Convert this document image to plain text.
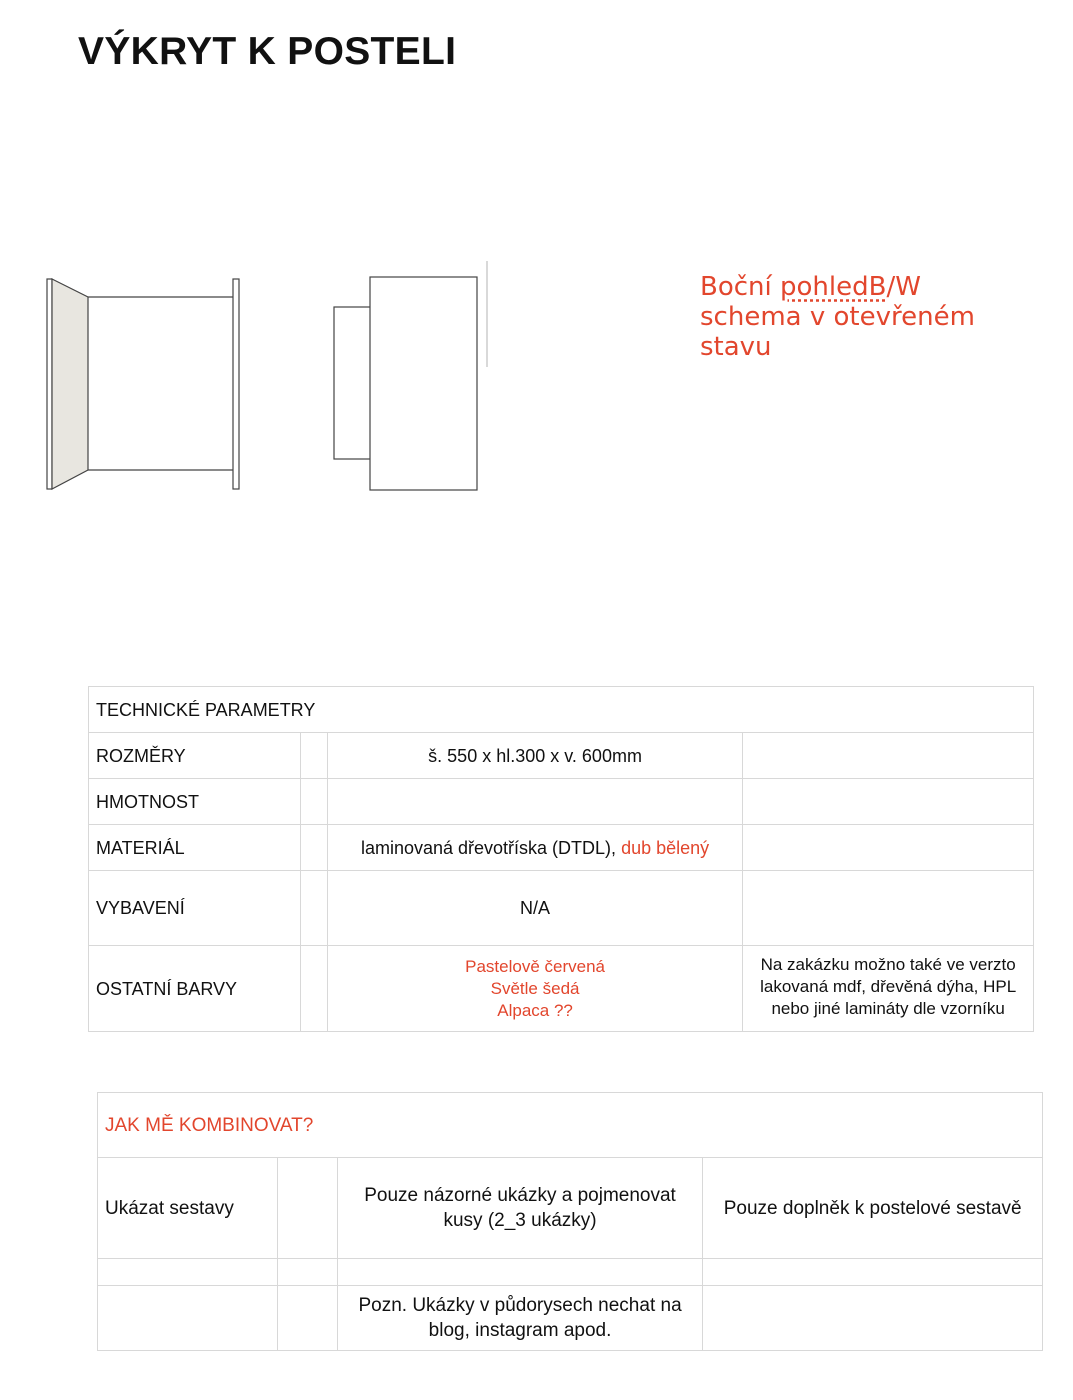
VÝKRYT K POSTELI
Boční pohledB/W schema v otevřeném stavu
TECHNICKÉ PARAMETRY			
ROZMĚRY		š. 550 x hl.300 x v. 600mm	
HMOTNOST			
MATERIÁL		laminovaná dřevotříska (DTDL), dub bělený	
VYBAVENÍ		N/A	
OSTATNÍ BARVY		Pastelově červená
Světle šedá
Alpaca ??	Na zakázku možno také ve verzto lakovaná mdf, dřevěná dýha, HPL nebo jiné lamináty dle vzorníku
JAK MĚ KOMBINOVAT?			
Ukázat sestavy		Pouze názorné ukázky a pojmenovat kusy (2_3 ukázky)	Pouze doplněk k postelové sestavě

		Pozn. Ukázky v půdorysech nechat na blog, instagram apod.	
